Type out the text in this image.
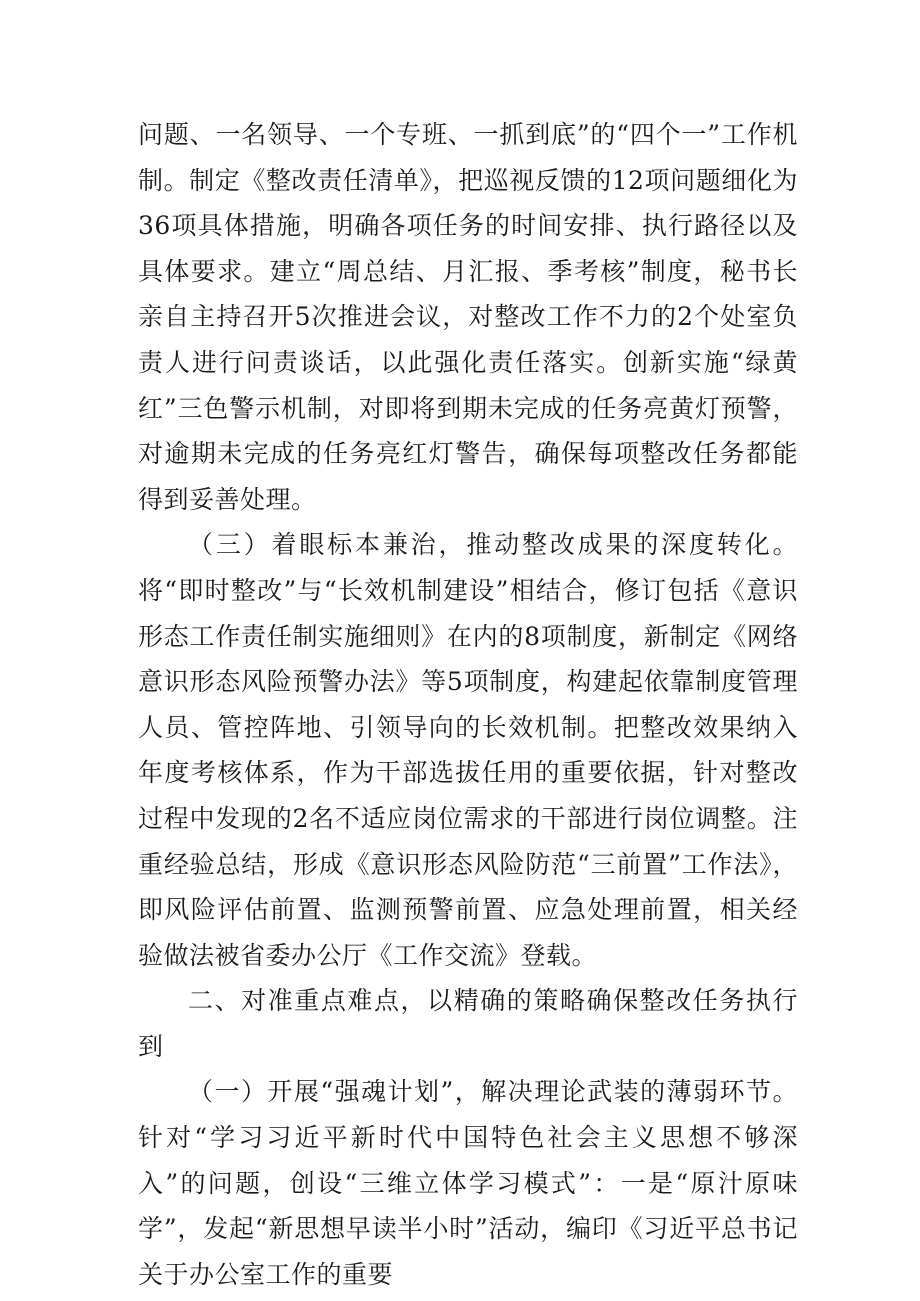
问题、一名领导、一个专班、一抓到底”的“四个一”工作机制。制定《整改责任清单》，把巡视反馈的12项问题细化为36项具体措施，明确各项任务的时间安排、执行路径以及具体要求。建立“周总结、月汇报、季考核”制度，秘书长亲自主持召开5次推进会议，对整改工作不力的2个处室负责人进行问责谈话，以此强化责任落实。创新实施“绿黄红”三色警示机制，对即将到期未完成的任务亮黄灯预警，对逾期未完成的任务亮红灯警告，确保每项整改任务都能得到妥善处理。

（三）着眼标本兼治，推动整改成果的深度转化。将“即时整改”与“长效机制建设”相结合，修订包括《意识形态工作责任制实施细则》在内的8项制度，新制定《网络意识形态风险预警办法》等5项制度，构建起依靠制度管理人员、管控阵地、引领导向的长效机制。把整改效果纳入年度考核体系，作为干部选拔任用的重要依据，针对整改过程中发现的2名不适应岗位需求的干部进行岗位调整。注重经验总结，形成《意识形态风险防范“三前置”工作法》，即风险评估前置、监测预警前置、应急处理前置，相关经验做法被省委办公厅《工作交流》登载。

二、对准重点难点，以精确的策略确保整改任务执行到

（一）开展“强魂计划”，解决理论武装的薄弱环节。针对“学习习近平新时代中国特色社会主义思想不够深入”的问题，创设“三维立体学习模式”：一是“原汁原味学”，发起“新思想早读半小时”活动，编印《习近平总书记关于办公室工作的重要
